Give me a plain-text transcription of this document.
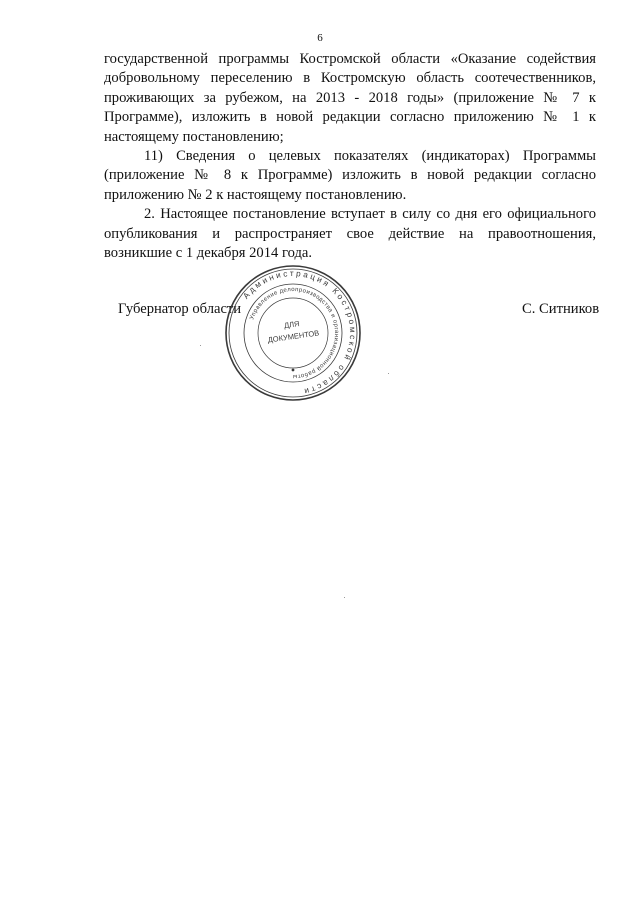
6

государственной программы Костромской области «Оказание содействия добровольному переселению в Костромскую область соотечественников, проживающих за рубежом, на 2013 - 2018 годы» (приложение № 7 к Программе), изложить в новой редакции согласно приложению № 1 к настоящему постановлению;

11) Сведения о целевых показателях (индикаторах) Программы (приложение № 8 к Программе) изложить в новой редакции согласно приложению № 2 к настоящему постановлению.

2. Настоящее постановление вступает в силу со дня его официального опубликования и распространяет свое действие на правоотношения, возникшие с 1 декабря 2014 года.

Губернатор области	С. Ситников
Администрация Костромской области
Управление делопроизводства и организационной работы
ДЛЯ
ДОКУМЕНТОВ
